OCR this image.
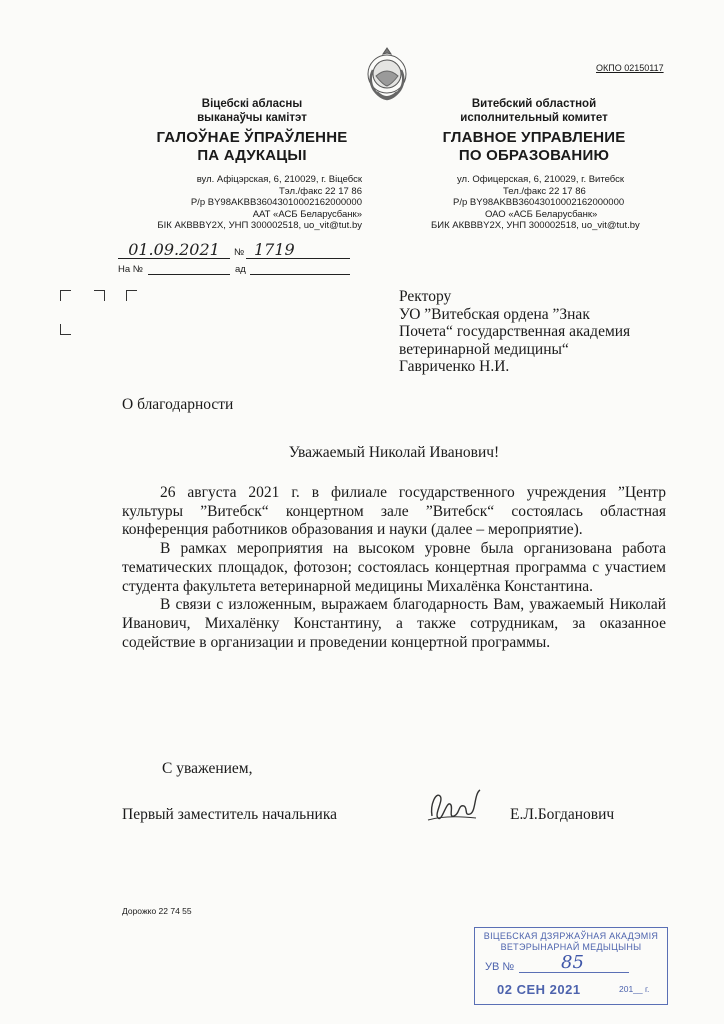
ОКПО 02150117
Віцебскі абласны
выканаўчы камітэт
ГАЛОЎНАЕ ЎПРАЎЛЕННЕ
ПА АДУКАЦЫІ
вул. Афіцэрская, 6, 210029, г. Віцебск
Тэл./факс 22 17 86
Р/р BY98AKBB36043010002162000000
ААТ «АСБ Беларусбанк»
БІК АКВВВY2Х, УНП 300002518, uo_vit@tut.by
Витебский областной
исполнительный комитет
ГЛАВНОЕ УПРАВЛЕНИЕ
ПО ОБРАЗОВАНИЮ
ул. Офицерская, 6, 210029, г. Витебск
Тел./факс 22 17 86
Р/р BY98AKBB36043010002162000000
ОАО «АСБ Беларусбанк»
БИК АКВВВY2Х, УНП 300002518, uo_vit@tut.by
01.09.2021	№ 1719
На №	ад
Ректору
УО ”Витебская ордена ”Знак
Почета“ государственная академия
ветеринарной медицины“
Гавриченко Н.И.
О благодарности
Уважаемый Николай Иванович!

26 августа 2021 г. в филиале государственного учреждения ”Центр культуры ”Витебск“ концертном зале ”Витебск“ состоялась областная конференция работников образования и науки (далее – мероприятие).

В рамках мероприятия на высоком уровне была организована работа тематических площадок, фотозон; состоялась концертная программа с участием студента факультета ветеринарной медицины Михалёнка Константина.

В связи с изложенным, выражаем благодарность Вам, уважаемый Николай Иванович, Михалёнку Константину, а также сотрудникам, за оказанное содействие в организации и проведении концертной программы.

С уважением,
Первый заместитель начальника	Е.Л.Богданович
Дорожко 22 74 55
ВІЦЕБСКАЯ ДЗЯРЖАЎНАЯ АКАДЭМІЯ
ВЕТЭРЫНАРНАЙ МЕДЫЦЫНЫ
УВ №	85
02 СЕН 2021	201__ г.
